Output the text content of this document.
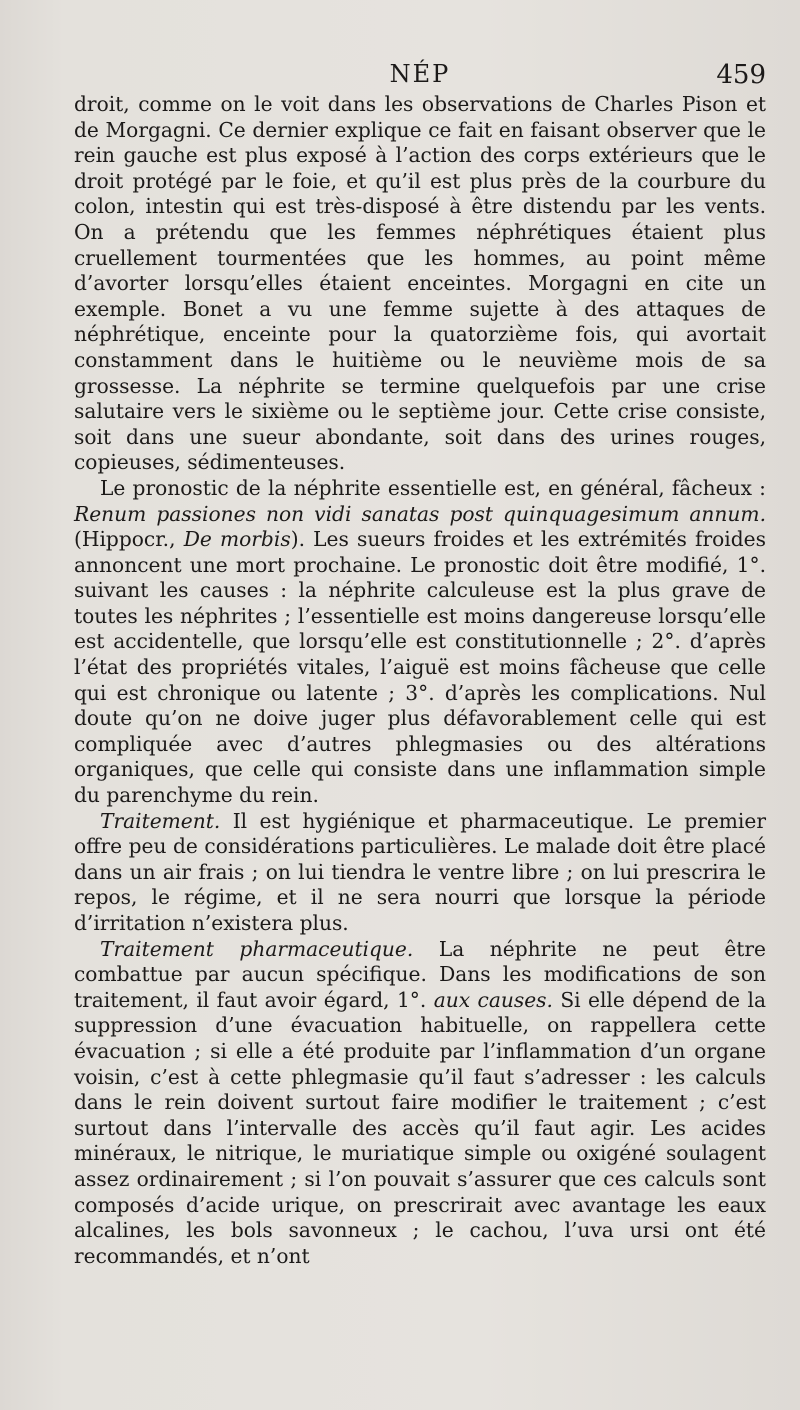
NÉP	459

droit, comme on le voit dans les observations de Charles Pison et de Morgagni. Ce dernier explique ce fait en faisant observer que le rein gauche est plus exposé à l’action des corps extérieurs que le droit protégé par le foie, et qu’il est plus près de la courbure du colon, intestin qui est très-disposé à être distendu par les vents. On a prétendu que les femmes néphrétiques étaient plus cruellement tourmentées que les hommes, au point même d’avorter lorsqu’elles étaient enceintes. Morgagni en cite un exemple. Bonet a vu une femme sujette à des attaques de néphrétique, enceinte pour la quatorzième fois, qui avortait constamment dans le huitième ou le neuvième mois de sa grossesse. La néphrite se termine quelquefois par une crise salutaire vers le sixième ou le septième jour. Cette crise consiste, soit dans une sueur abondante, soit dans des urines rouges, copieuses, sédimenteuses.

Le pronostic de la néphrite essentielle est, en général, fâcheux : Renum passiones non vidi sanatas post quinquagesimum annum. (Hippocr., De morbis). Les sueurs froides et les extrémités froides annoncent une mort prochaine. Le pronostic doit être modifié, 1°. suivant les causes : la néphrite calculeuse est la plus grave de toutes les néphrites ; l’essentielle est moins dangereuse lorsqu’elle est accidentelle, que lorsqu’elle est constitutionnelle ; 2°. d’après l’état des propriétés vitales, l’aiguë est moins fâcheuse que celle qui est chronique ou latente ; 3°. d’après les complications. Nul doute qu’on ne doive juger plus défavorablement celle qui est compliquée avec d’autres phlegmasies ou des altérations organiques, que celle qui consiste dans une inflammation simple du parenchyme du rein.

Traitement. Il est hygiénique et pharmaceutique. Le premier offre peu de considérations particulières. Le malade doit être placé dans un air frais ; on lui tiendra le ventre libre ; on lui prescrira le repos, le régime, et il ne sera nourri que lorsque la période d’irritation n’existera plus.

Traitement pharmaceutique. La néphrite ne peut être combattue par aucun spécifique. Dans les modifications de son traitement, il faut avoir égard, 1°. aux causes. Si elle dépend de la suppression d’une évacuation habituelle, on rappellera cette évacuation ; si elle a été produite par l’inflammation d’un organe voisin, c’est à cette phlegmasie qu’il faut s’adresser : les calculs dans le rein doivent surtout faire modifier le traitement ; c’est surtout dans l’intervalle des accès qu’il faut agir. Les acides minéraux, le nitrique, le muriatique simple ou oxigéné soulagent assez ordinairement ; si l’on pouvait s’assurer que ces calculs sont composés d’acide urique, on prescrirait avec avantage les eaux alcalines, les bols savonneux ; le cachou, l’uva ursi ont été recommandés, et n’ont
